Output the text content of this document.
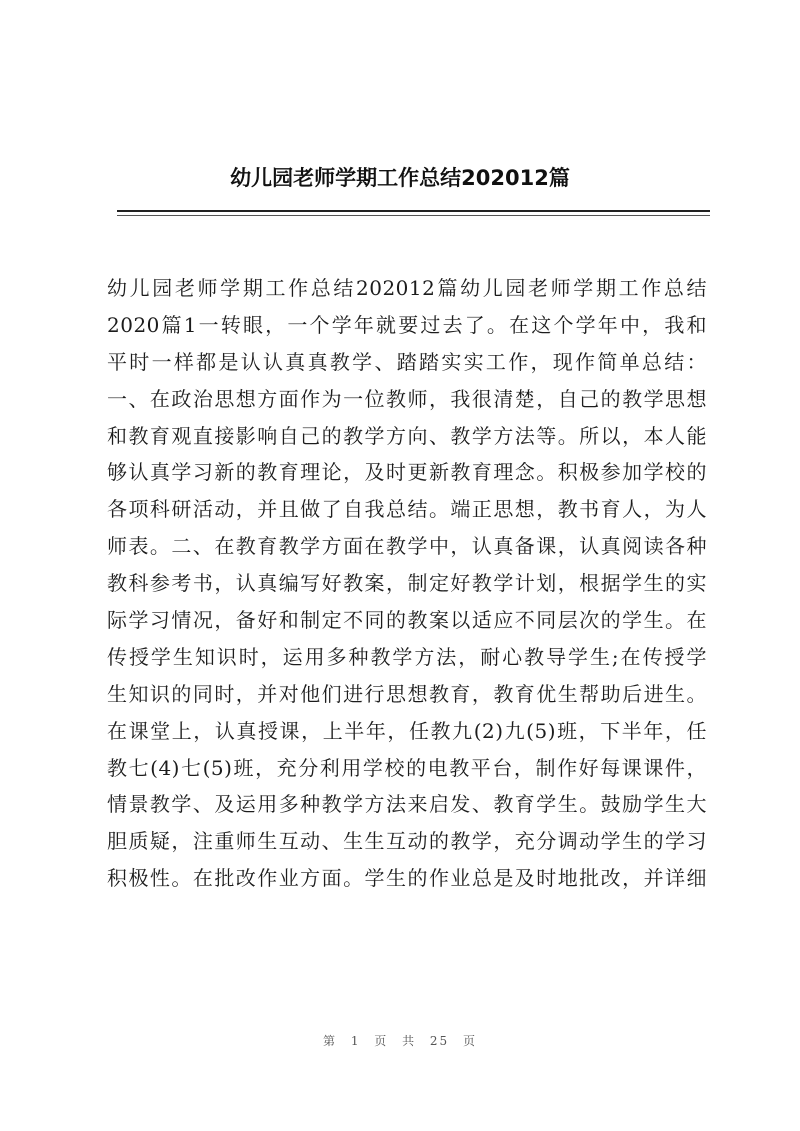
幼儿园老师学期工作总结202012篇
幼儿园老师学期工作总结202012篇幼儿园老师学期工作总结
2020篇1一转眼，一个学年就要过去了。在这个学年中，我和
平时一样都是认认真真教学、踏踏实实工作，现作简单总结：
一、在政治思想方面作为一位教师，我很清楚，自己的教学思想
和教育观直接影响自己的教学方向、教学方法等。所以，本人能
够认真学习新的教育理论，及时更新教育理念。积极参加学校的
各项科研活动，并且做了自我总结。端正思想，教书育人，为人
师表。二、在教育教学方面在教学中，认真备课，认真阅读各种
教科参考书，认真编写好教案，制定好教学计划，根据学生的实
际学习情况，备好和制定不同的教案以适应不同层次的学生。在
传授学生知识时，运用多种教学方法，耐心教导学生;在传授学
生知识的同时，并对他们进行思想教育，教育优生帮助后进生。
在课堂上，认真授课，上半年，任教九(2)九(5)班，下半年，任
教七(4)七(5)班，充分利用学校的电教平台，制作好每课课件，
情景教学、及运用多种教学方法来启发、教育学生。鼓励学生大
胆质疑，注重师生互动、生生互动的教学，充分调动学生的学习
积极性。在批改作业方面。学生的作业总是及时地批改，并详细
第 1 页 共 25 页
